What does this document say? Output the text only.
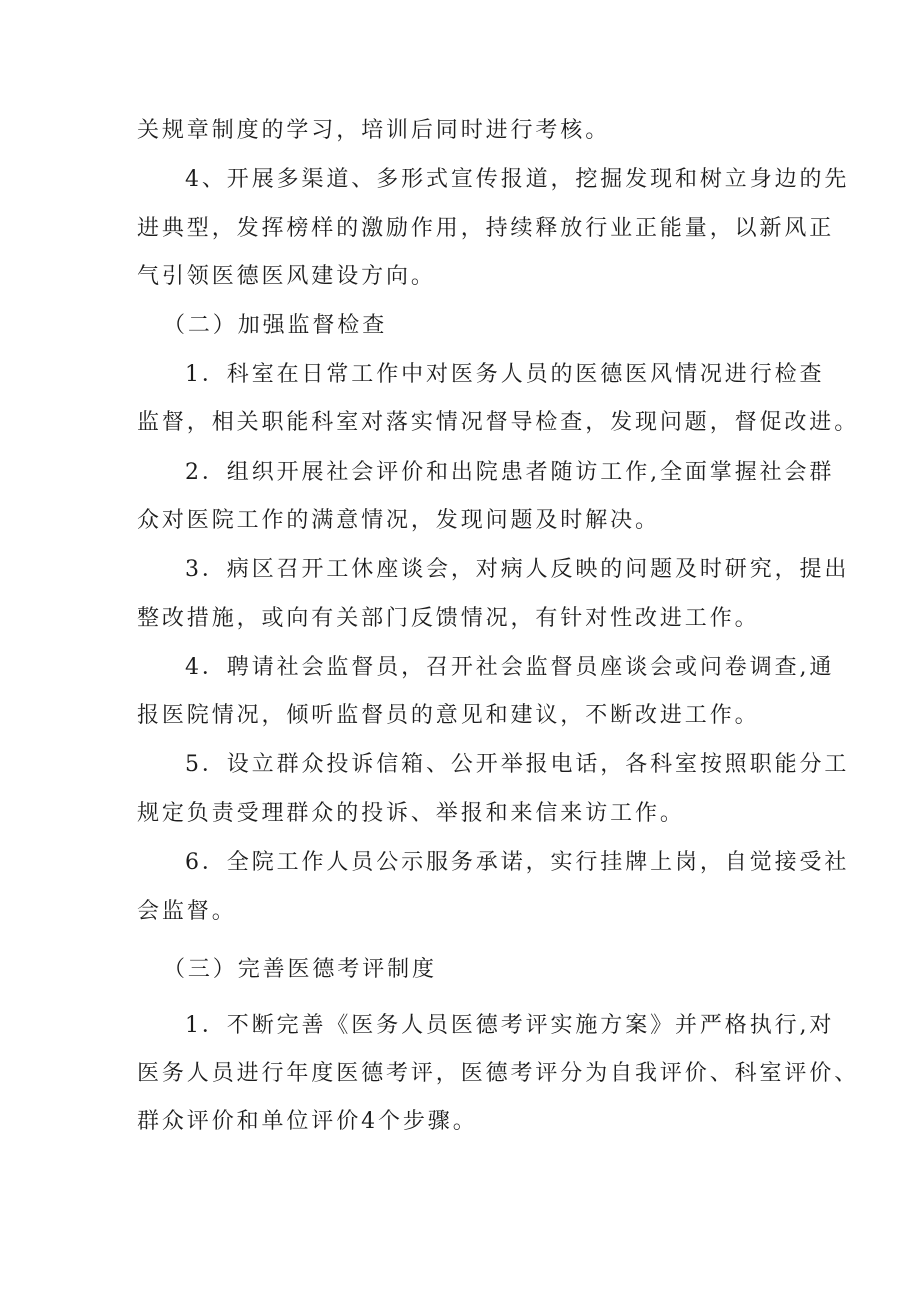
关规章制度的学习，培训后同时进行考核。
4、开展多渠道、多形式宣传报道，挖掘发现和树立身边的先
进典型，发挥榜样的激励作用，持续释放行业正能量，以新风正
气引领医德医风建设方向。
（二）加强监督检查
1．科室在日常工作中对医务人员的医德医风情况进行检查
监督，相关职能科室对落实情况督导检查，发现问题，督促改进。
2．组织开展社会评价和出院患者随访工作,全面掌握社会群
众对医院工作的满意情况，发现问题及时解决。
3．病区召开工休座谈会，对病人反映的问题及时研究，提出
整改措施，或向有关部门反馈情况，有针对性改进工作。
4．聘请社会监督员，召开社会监督员座谈会或问卷调查,通
报医院情况，倾听监督员的意见和建议，不断改进工作。
5．设立群众投诉信箱、公开举报电话，各科室按照职能分工
规定负责受理群众的投诉、举报和来信来访工作。
6．全院工作人员公示服务承诺，实行挂牌上岗，自觉接受社
会监督。
（三）完善医德考评制度
1．不断完善《医务人员医德考评实施方案》并严格执行,对
医务人员进行年度医德考评，医德考评分为自我评价、科室评价、
群众评价和单位评价4个步骤。
